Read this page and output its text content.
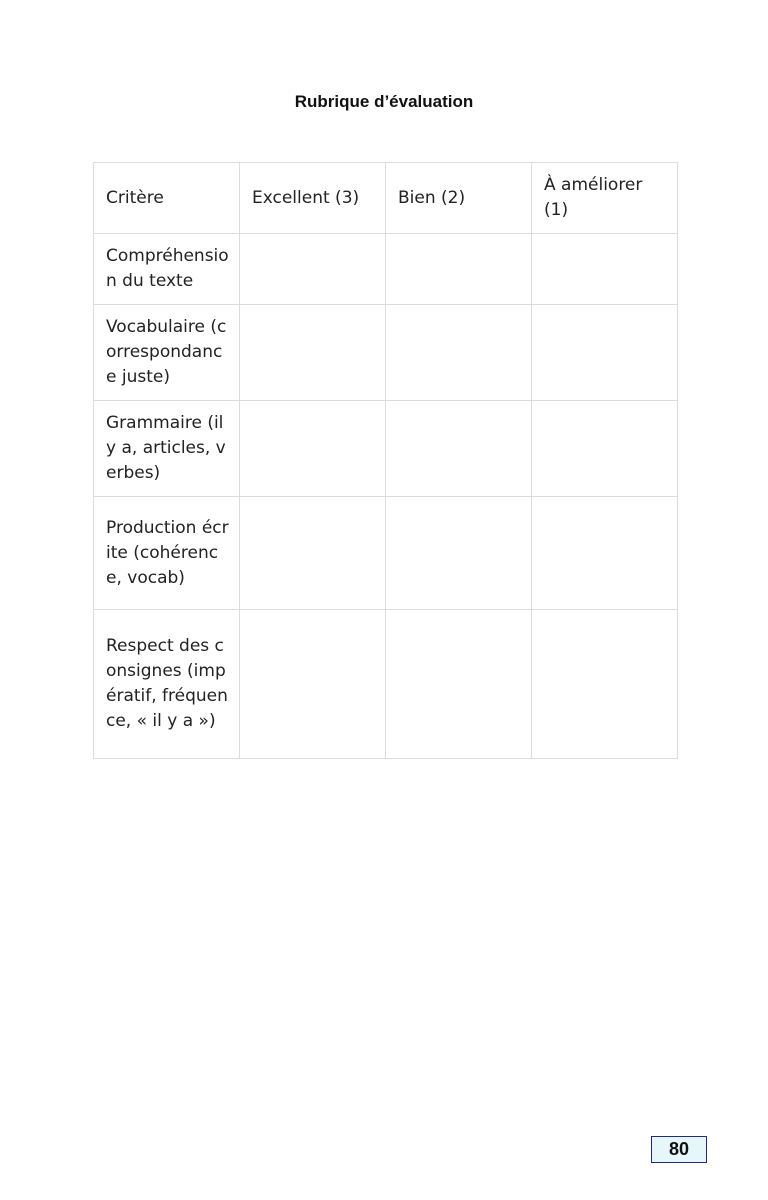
Rubrique d’évaluation
Critère	Excellent (3)	Bien (2)	À améliorer (1)
Compréhension du texte			
Vocabulaire (correspondance juste)			
Grammaire (il y a, articles, verbes)			
Production écrite (cohérence, vocab)			
Respect des consignes (impératif, fréquence, « il y a »)			
80
